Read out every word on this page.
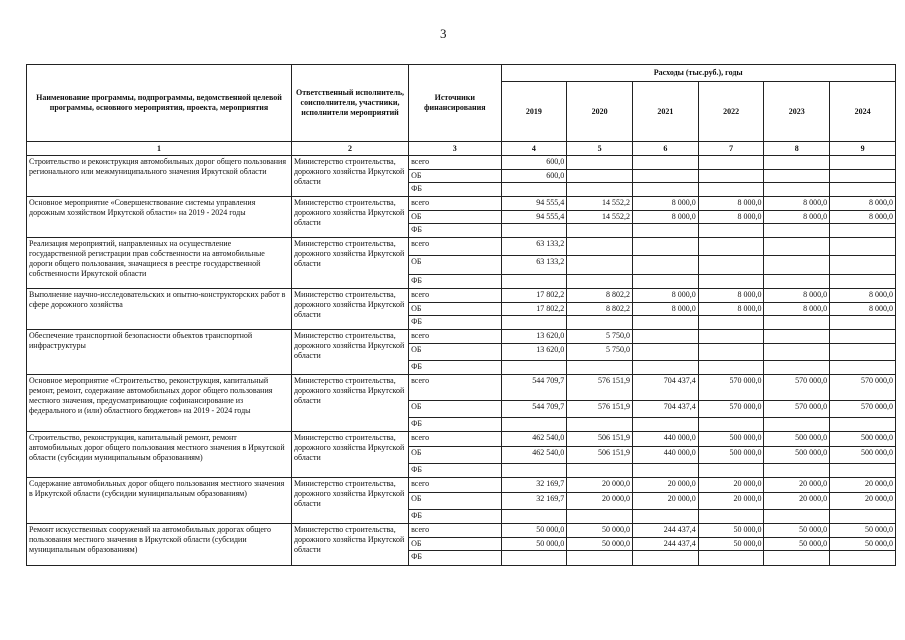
3
Наименование программы, подпрограммы, ведомственной целевой программы, основного мероприятия, проекта, мероприятия	Ответственный исполнитель, соисполнители, участники, исполнители мероприятий	Источники финансирования	Расходы (тыс.руб.), годы					
			2019	2020	2021	2022	2023	2024
1	2	3	4	5	6	7	8	9
Строительство и реконструкция автомобильных дорог общего пользования регионального или межмуниципального значения Иркутской области	Министерство строительства, дорожного хозяйства Иркутской области	всего	600,0					
		ОБ	600,0					
		ФБ						
Основное мероприятие «Совершенствование системы управления дорожным хозяйством Иркутской области» на 2019 - 2024 годы	Министерство строительства, дорожного хозяйства Иркутской области	всего	94 555,4	14 552,2	8 000,0	8 000,0	8 000,0	8 000,0
		ОБ	94 555,4	14 552,2	8 000,0	8 000,0	8 000,0	8 000,0
		ФБ						
Реализация мероприятий, направленных на осуществление государственной регистрации прав собственности на автомобильные дороги общего пользования, значащиеся в реестре государственной собственности Иркутской области	Министерство строительства, дорожного хозяйства Иркутской области	всего	63 133,2					
		ОБ	63 133,2					
		ФБ						
Выполнение научно-исследовательских и опытно-конструкторских работ в сфере дорожного хозяйства	Министерство строительства, дорожного хозяйства Иркутской области	всего	17 802,2	8 802,2	8 000,0	8 000,0	8 000,0	8 000,0
		ОБ	17 802,2	8 802,2	8 000,0	8 000,0	8 000,0	8 000,0
		ФБ						
Обеспечение транспортной безопасности объектов транспортной инфраструктуры	Министерство строительства, дорожного хозяйства Иркутской области	всего	13 620,0	5 750,0				
		ОБ	13 620,0	5 750,0				
		ФБ						
Основное мероприятие «Строительство, реконструкция, капитальный ремонт, ремонт, содержание автомобильных дорог общего пользования местного значения, предусматривающие софинансирование из федерального и (или) областного бюджетов» на 2019 - 2024 годы	Министерство строительства, дорожного хозяйства Иркутской области	всего	544 709,7	576 151,9	704 437,4	570 000,0	570 000,0	570 000,0
		ОБ	544 709,7	576 151,9	704 437,4	570 000,0	570 000,0	570 000,0
		ФБ						
Строительство, реконструкция, капитальный ремонт, ремонт автомобильных дорог общего пользования местного значения в Иркутской области (субсидии муниципальным образованиям)	Министерство строительства, дорожного хозяйства Иркутской области	всего	462 540,0	506 151,9	440 000,0	500 000,0	500 000,0	500 000,0
		ОБ	462 540,0	506 151,9	440 000,0	500 000,0	500 000,0	500 000,0
		ФБ						
Содержание автомобильных дорог общего пользования местного значения в Иркутской области (субсидии муниципальным образованиям)	Министерство строительства, дорожного хозяйства Иркутской области	всего	32 169,7	20 000,0	20 000,0	20 000,0	20 000,0	20 000,0
		ОБ	32 169,7	20 000,0	20 000,0	20 000,0	20 000,0	20 000,0
		ФБ						
Ремонт искусственных сооружений на автомобильных дорогах общего пользования местного значения в Иркутской области (субсидии муниципальным образованиям)	Министерство строительства, дорожного хозяйства Иркутской области	всего	50 000,0	50 000,0	244 437,4	50 000,0	50 000,0	50 000,0
		ОБ	50 000,0	50 000,0	244 437,4	50 000,0	50 000,0	50 000,0
		ФБ						
